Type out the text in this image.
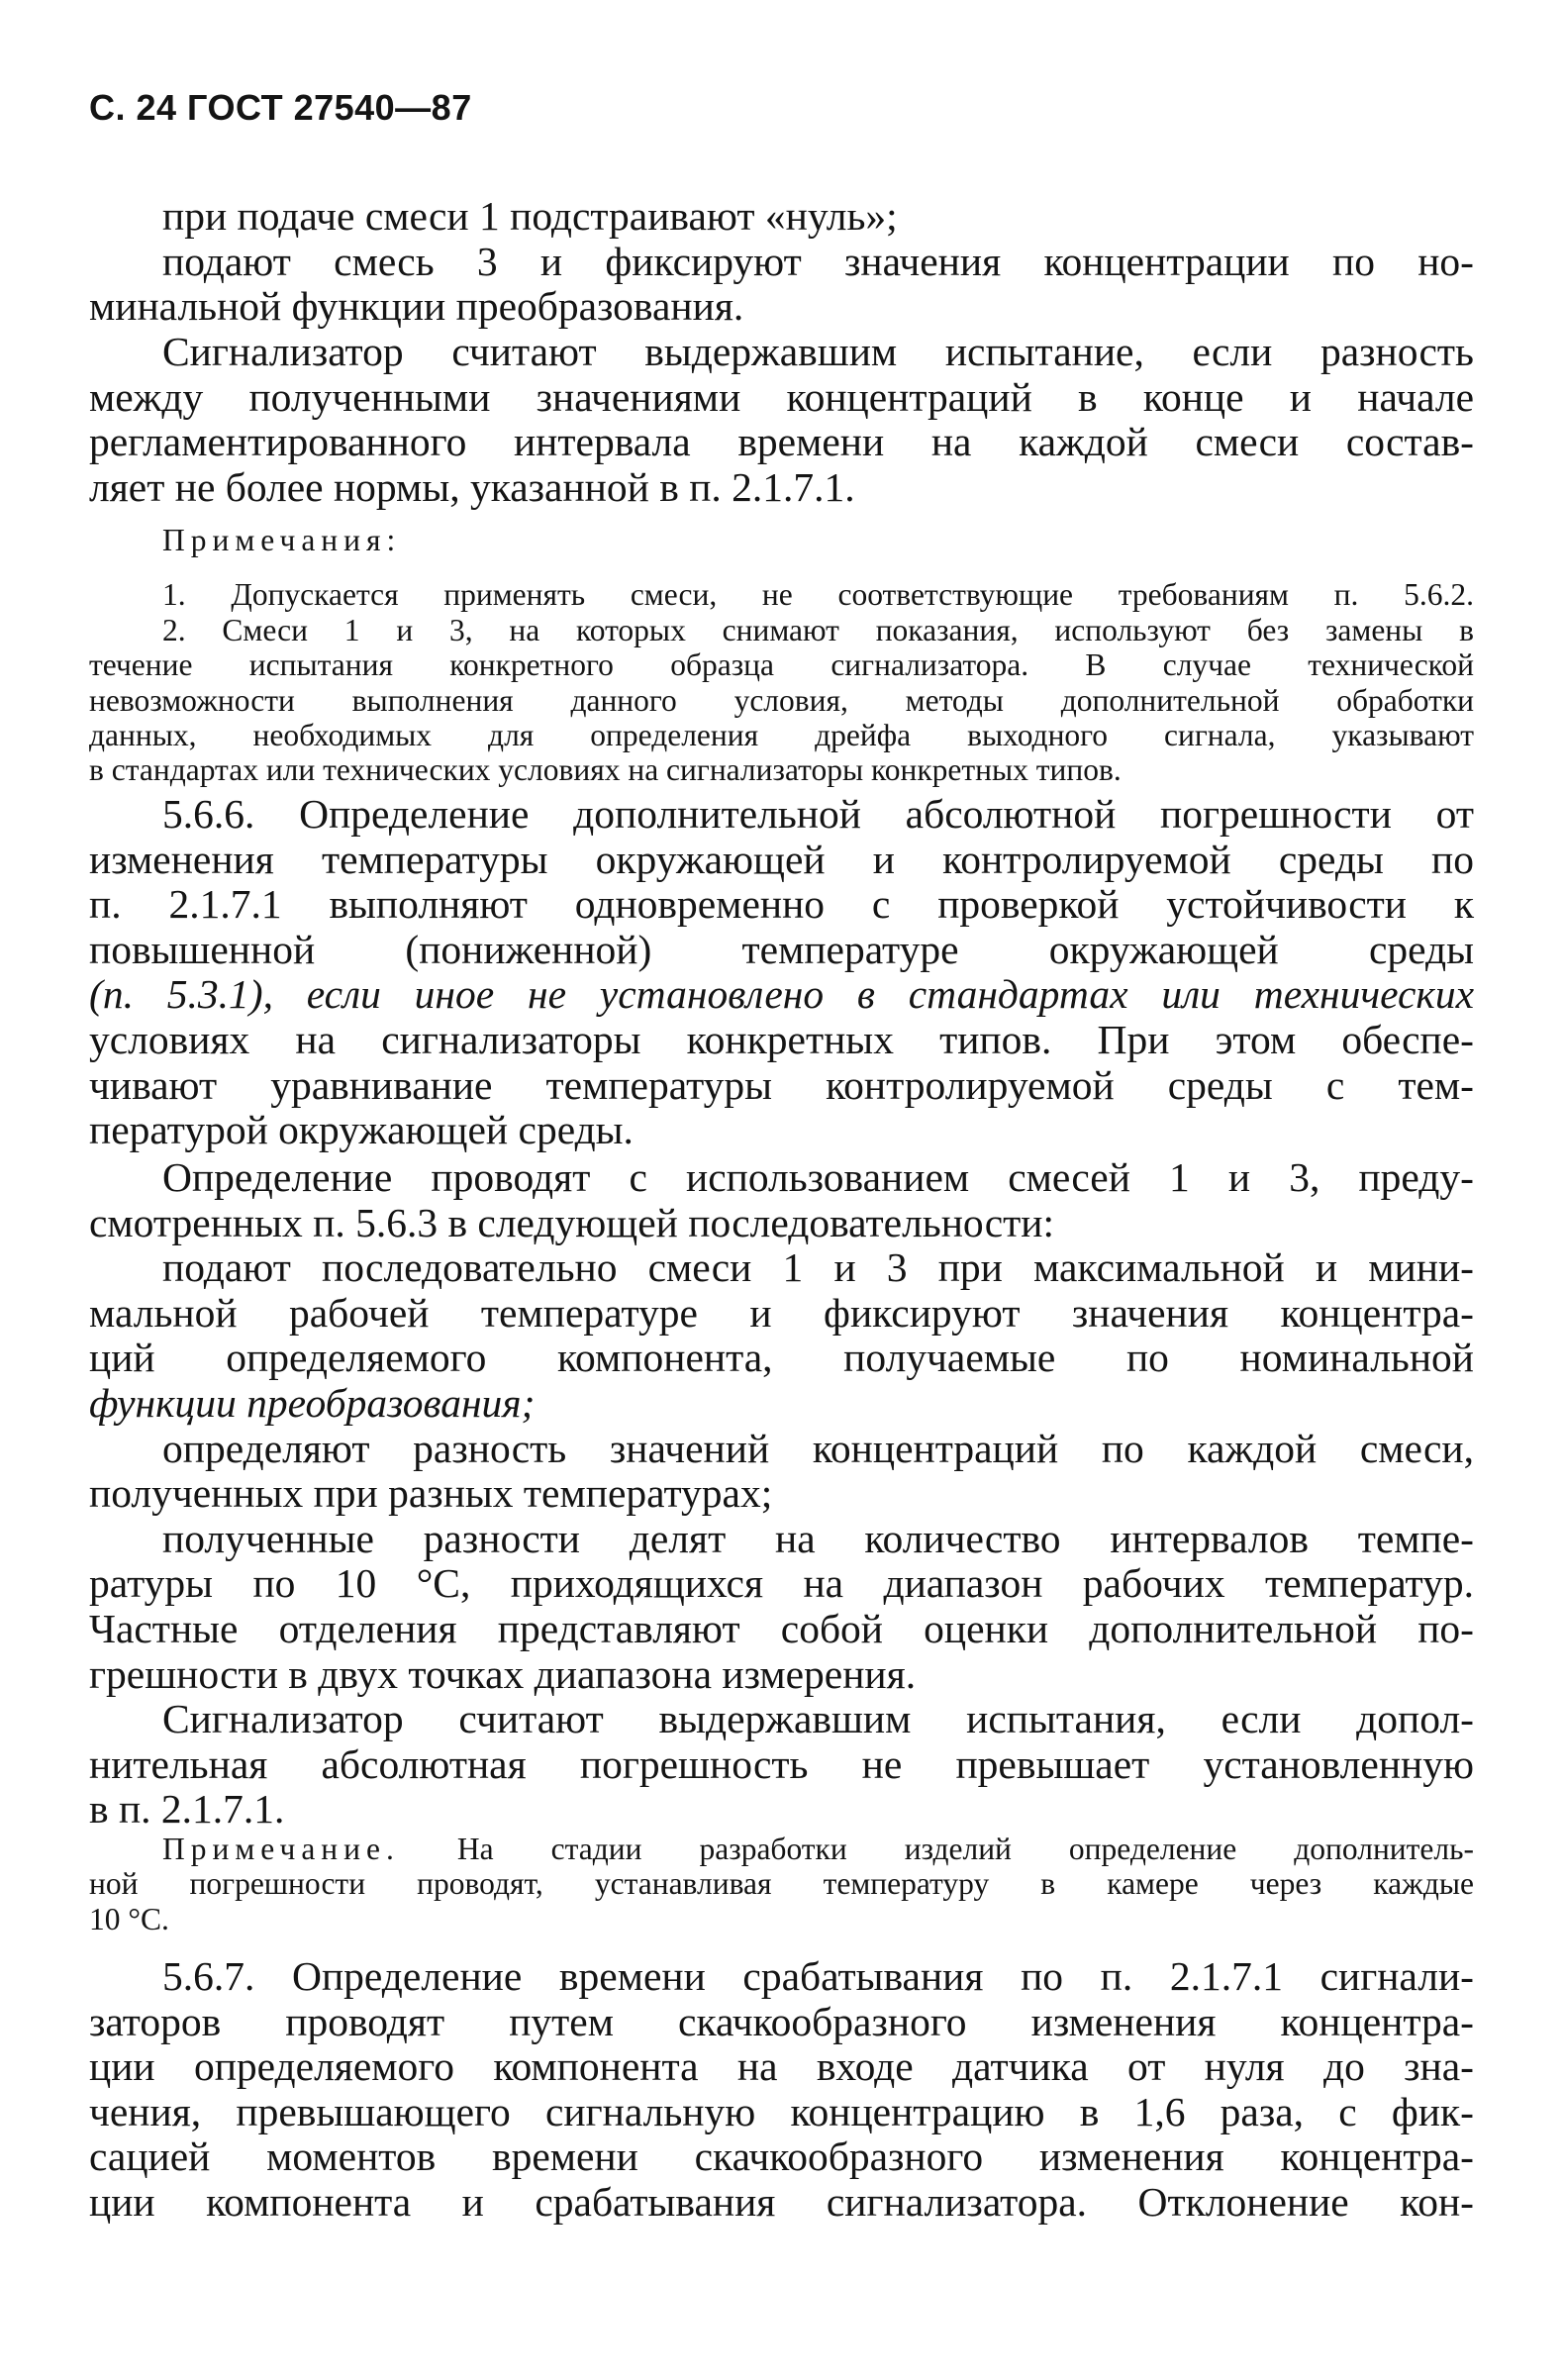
С. 24 ГОСТ 27540—87
при подаче смеси 1 подстраивают «нуль»;
подают смесь 3 и фиксируют значения концентрации по но-
минальной функции преобразования.
Сигнализатор считают выдержавшим испытание, если разность
между полученными значениями концентраций в конце и начале
регламентированного интервала времени на каждой смеси состав-
ляет не более нормы, указанной в п. 2.1.7.1.
Примечания:
1. Допускается применять смеси, не соответствующие требованиям п. 5.6.2.
2. Смеси 1 и 3, на которых снимают показания, используют без замены в
течение испытания конкретного образца сигнализатора. В случае технической
невозможности выполнения данного условия, методы дополнительной обработки
данных, необходимых для определения дрейфа выходного сигнала, указывают
в стандартах или технических условиях на сигнализаторы конкретных типов.
5.6.6. Определение дополнительной абсолютной погрешности от
изменения температуры окружающей и контролируемой среды по
п. 2.1.7.1 выполняют одновременно с проверкой устойчивости к
повышенной (пониженной) температуре окружающей среды
(п. 5.3.1), если иное не установлено в стандартах или технических
условиях на сигнализаторы конкретных типов. При этом обеспе-
чивают уравнивание температуры контролируемой среды с тем-
пературой окружающей среды.
Определение проводят с использованием смесей 1 и 3, преду-
смотренных п. 5.6.3 в следующей последовательности:
подают последовательно смеси 1 и 3 при максимальной и мини-
мальной рабочей температуре и фиксируют значения концентра-
ций определяемого компонента, получаемые по номинальной
функции преобразования;
определяют разность значений концентраций по каждой смеси,
полученных при разных температурах;
полученные разности делят на количество интервалов темпе-
ратуры по 10 °С, приходящихся на диапазон рабочих температур.
Частные отделения представляют собой оценки дополнительной по-
грешности в двух точках диапазона измерения.
Сигнализатор считают выдержавшим испытания, если допол-
нительная абсолютная погрешность не превышает установленную
в п. 2.1.7.1.
Примечание. На стадии разработки изделий определение дополнитель-
ной погрешности проводят, устанавливая температуру в камере через каждые
10 °С.
5.6.7. Определение времени срабатывания по п. 2.1.7.1 сигнали-
заторов проводят путем скачкообразного изменения концентра-
ции определяемого компонента на входе датчика от нуля до зна-
чения, превышающего сигнальную концентрацию в 1,6 раза, с фик-
сацией моментов времени скачкообразного изменения концентра-
ции компонента и срабатывания сигнализатора. Отклонение кон-
